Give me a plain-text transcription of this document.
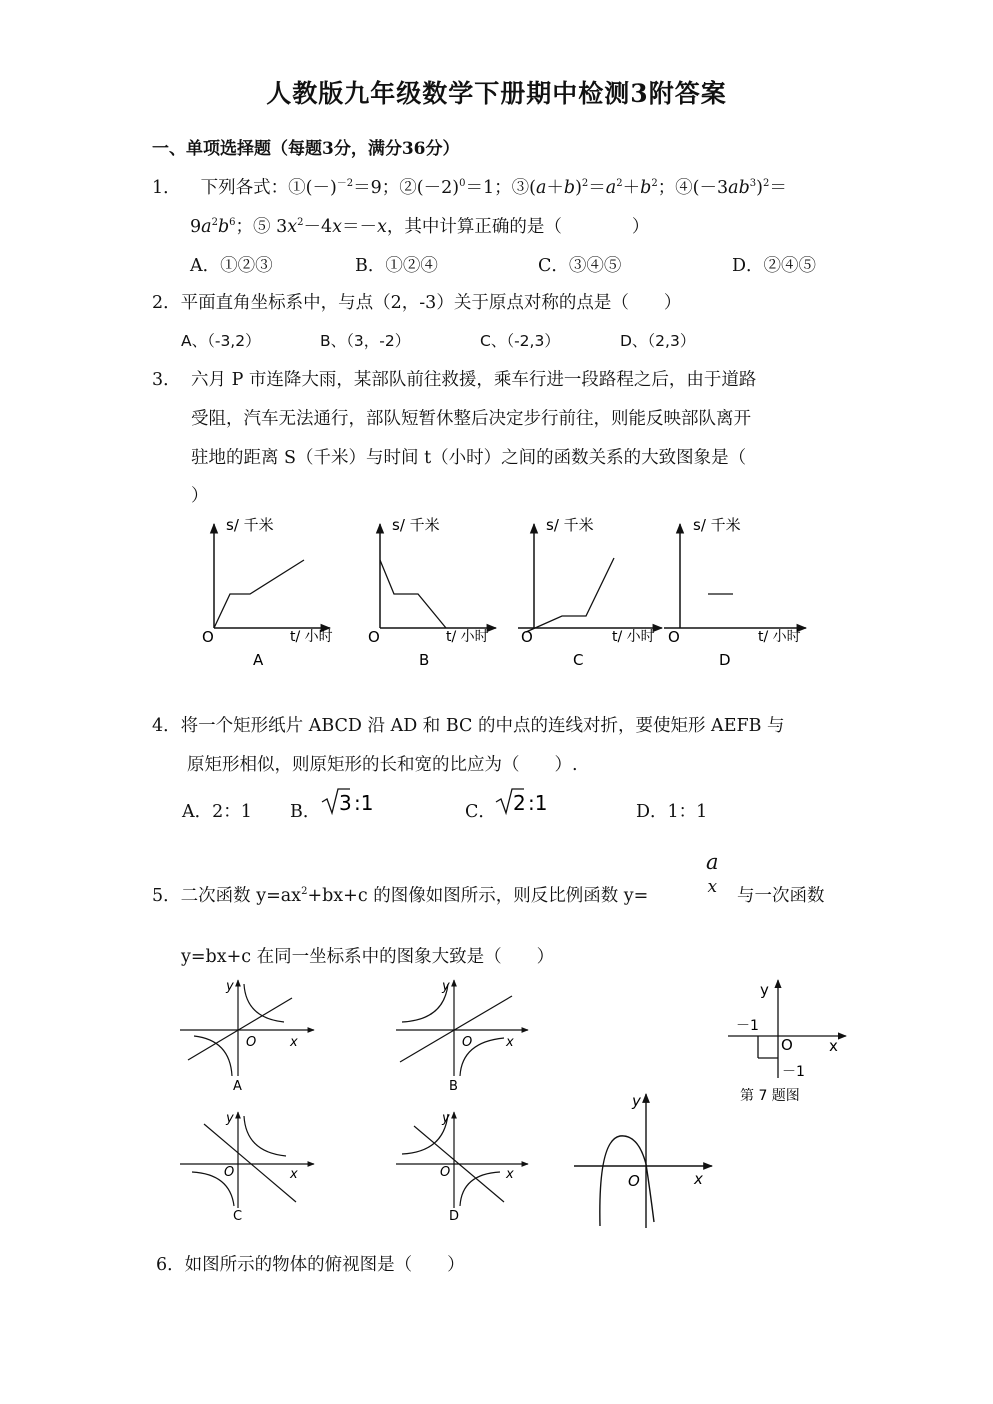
人教版九年级数学下册期中检测3附答案
一、单项选择题（每题3分，满分36分）
1． 下列各式：$①(-)^{-2}=9$；$②(-2)^0=1$；$③(a+b)^2=a^2+b^2$；$④(-3ab^3)^2=$
$9a^2b^6$；⑤ $3x^2-4x=-x$，其中计算正确的是（　　　　）
A．①②③	B．①②④	C．③④⑤	D．②④⑤
2．平面直角坐标系中，与点（2，-3）关于原点对称的点是（　　）
A、（-3,2）	B、（3，-2）	C、（-2,3）	D、（2,3）
3． 六月 P 市连降大雨，某部队前往救援，乘车行进一段路程之后，由于道路
受阻，汽车无法通行，部队短暂休整后决定步行前往，则能反映部队离开
驻地的距离 S（千米）与时间 t（小时）之间的函数关系的大致图象是（
）
s/ 千米
t/ 小时
O
A
s/ 千米
t/ 小时
O
B
s/ 千米
t/ 小时
O
C
s/ 千米
t/ 小时
O
D
4．将一个矩形纸片 ABCD 沿 AD 和 BC 的中点的连线对折，要使矩形 AEFB 与
原矩形相似，则原矩形的长和宽的比应为（　　）.
A．2：1 B． 3 :1	C． 2 :1	D．1：1
5．二次函数 $y=ax^2+bx+c$ 的图像如图所示，则反比例函数 y=
a
x 与一次函数
y=bx+c 在同一坐标系中的图象大致是（　　）
y
x
O
A
y
x
O
B
y
x
O
C
y
x
O
D
y
x
O
y
x
O
－1
－1
第 7 题图
6．如图所示的物体的俯视图是（　　）
